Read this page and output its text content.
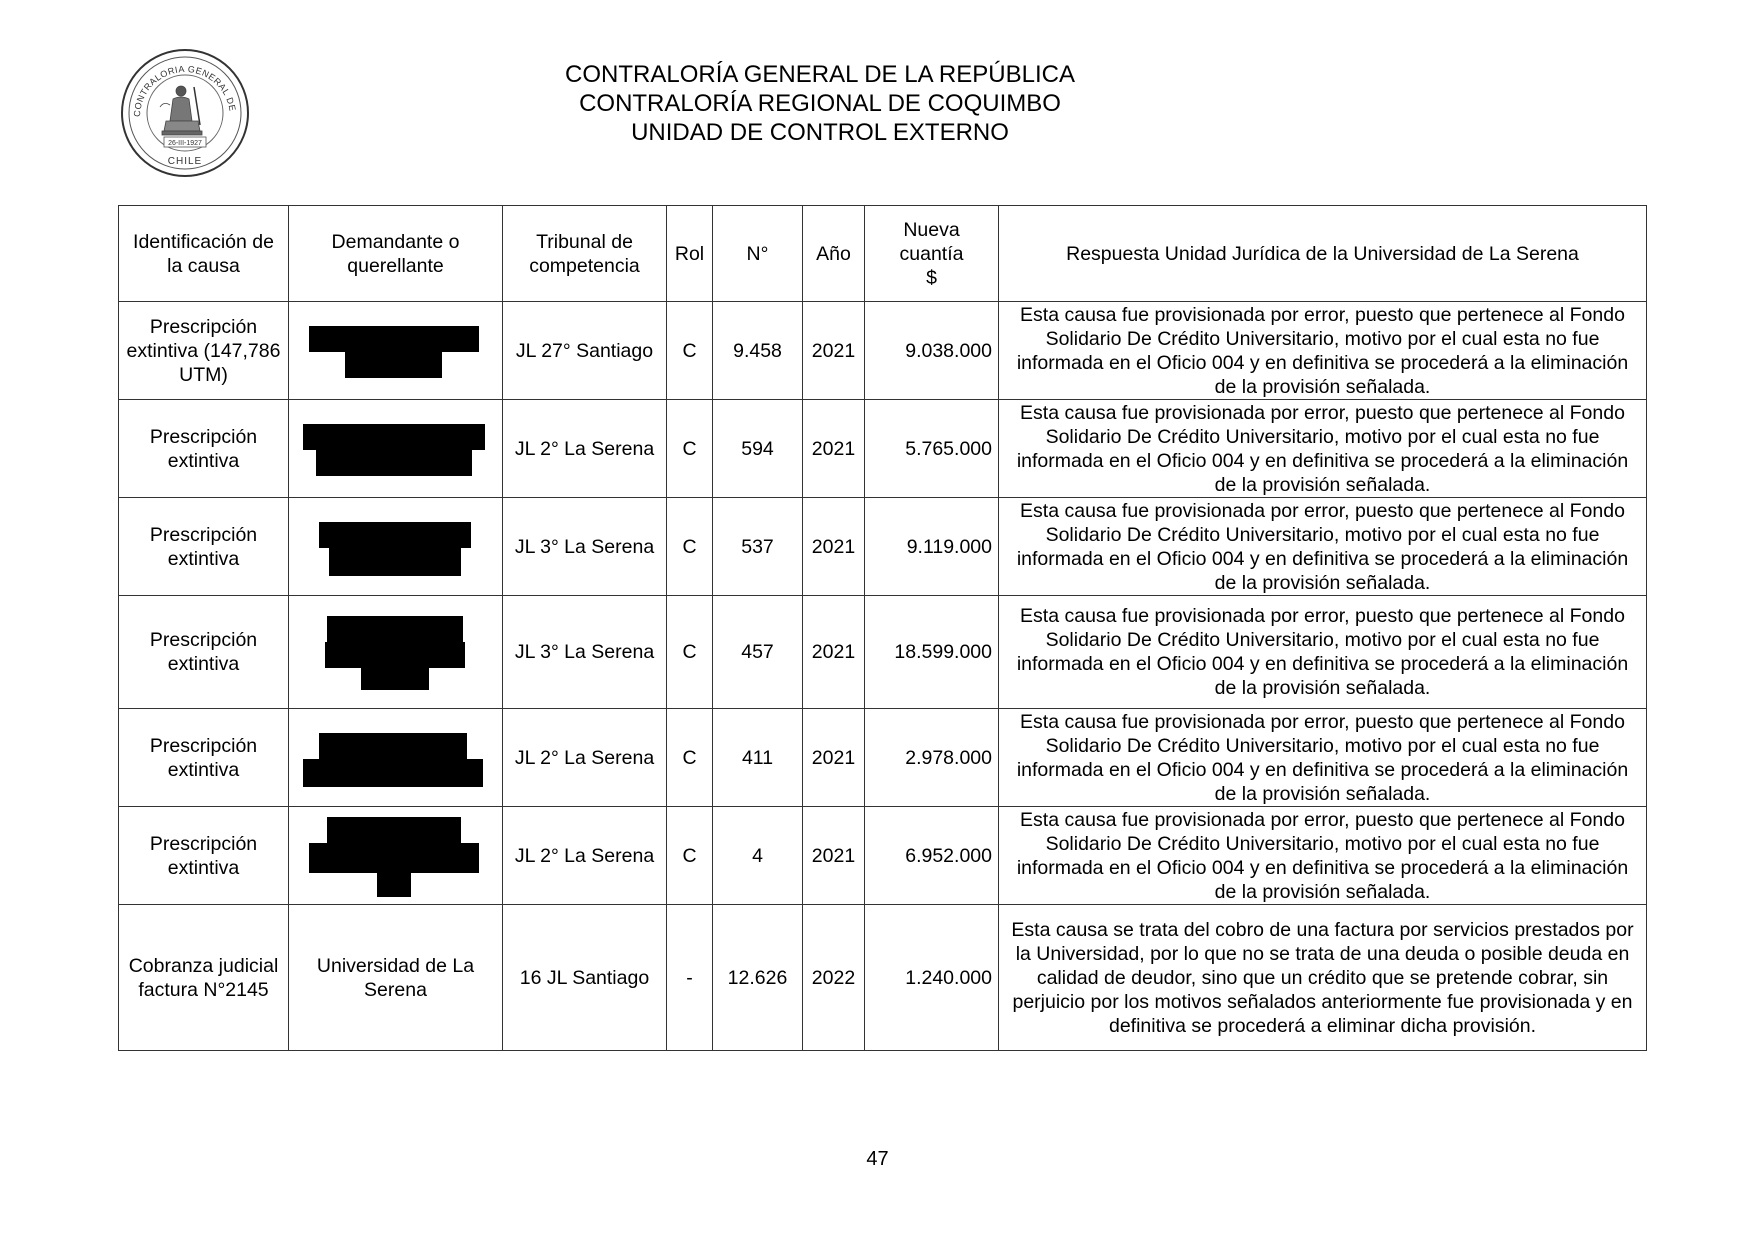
CONTRALORIA GENERAL DE
26-III-1927
CHILE
CONTRALORÍA GENERAL DE LA REPÚBLICA
CONTRALORÍA REGIONAL DE COQUIMBO
UNIDAD DE CONTROL EXTERNO
Identificación de la causa	Demandante o querellante	Tribunal de competencia	Rol	N°	Año	Nueva cuantía $	Respuesta Unidad Jurídica de la Universidad de La Serena
Prescripción extintiva (147,786 UTM)		JL 27° Santiago	C	9.458	2021	9.038.000	Esta causa fue provisionada por error, puesto que pertenece al Fondo Solidario De Crédito Universitario, motivo por el cual esta no fue informada en el Oficio 004 y en definitiva se procederá a la eliminación de la provisión señalada.
Prescripción extintiva		JL 2° La Serena	C	594	2021	5.765.000	Esta causa fue provisionada por error, puesto que pertenece al Fondo Solidario De Crédito Universitario, motivo por el cual esta no fue informada en el Oficio 004 y en definitiva se procederá a la eliminación de la provisión señalada.
Prescripción extintiva		JL 3° La Serena	C	537	2021	9.119.000	Esta causa fue provisionada por error, puesto que pertenece al Fondo Solidario De Crédito Universitario, motivo por el cual esta no fue informada en el Oficio 004 y en definitiva se procederá a la eliminación de la provisión señalada.
Prescripción extintiva		JL 3° La Serena	C	457	2021	18.599.000	Esta causa fue provisionada por error, puesto que pertenece al Fondo Solidario De Crédito Universitario, motivo por el cual esta no fue informada en el Oficio 004 y en definitiva se procederá a la eliminación de la provisión señalada.
Prescripción extintiva		JL 2° La Serena	C	411	2021	2.978.000	Esta causa fue provisionada por error, puesto que pertenece al Fondo Solidario De Crédito Universitario, motivo por el cual esta no fue informada en el Oficio 004 y en definitiva se procederá a la eliminación de la provisión señalada.
Prescripción extintiva		JL 2° La Serena	C	4	2021	6.952.000	Esta causa fue provisionada por error, puesto que pertenece al Fondo Solidario De Crédito Universitario, motivo por el cual esta no fue informada en el Oficio 004 y en definitiva se procederá a la eliminación de la provisión señalada.
Cobranza judicial factura N°2145	Universidad de La Serena	16 JL Santiago	-	12.626	2022	1.240.000	Esta causa se trata del cobro de una factura por servicios prestados por la Universidad, por lo que no se trata de una deuda o posible deuda en calidad de deudor, sino que un crédito que se pretende cobrar, sin perjuicio por los motivos señalados anteriormente fue provisionada y en definitiva se procederá a eliminar dicha provisión.
47
